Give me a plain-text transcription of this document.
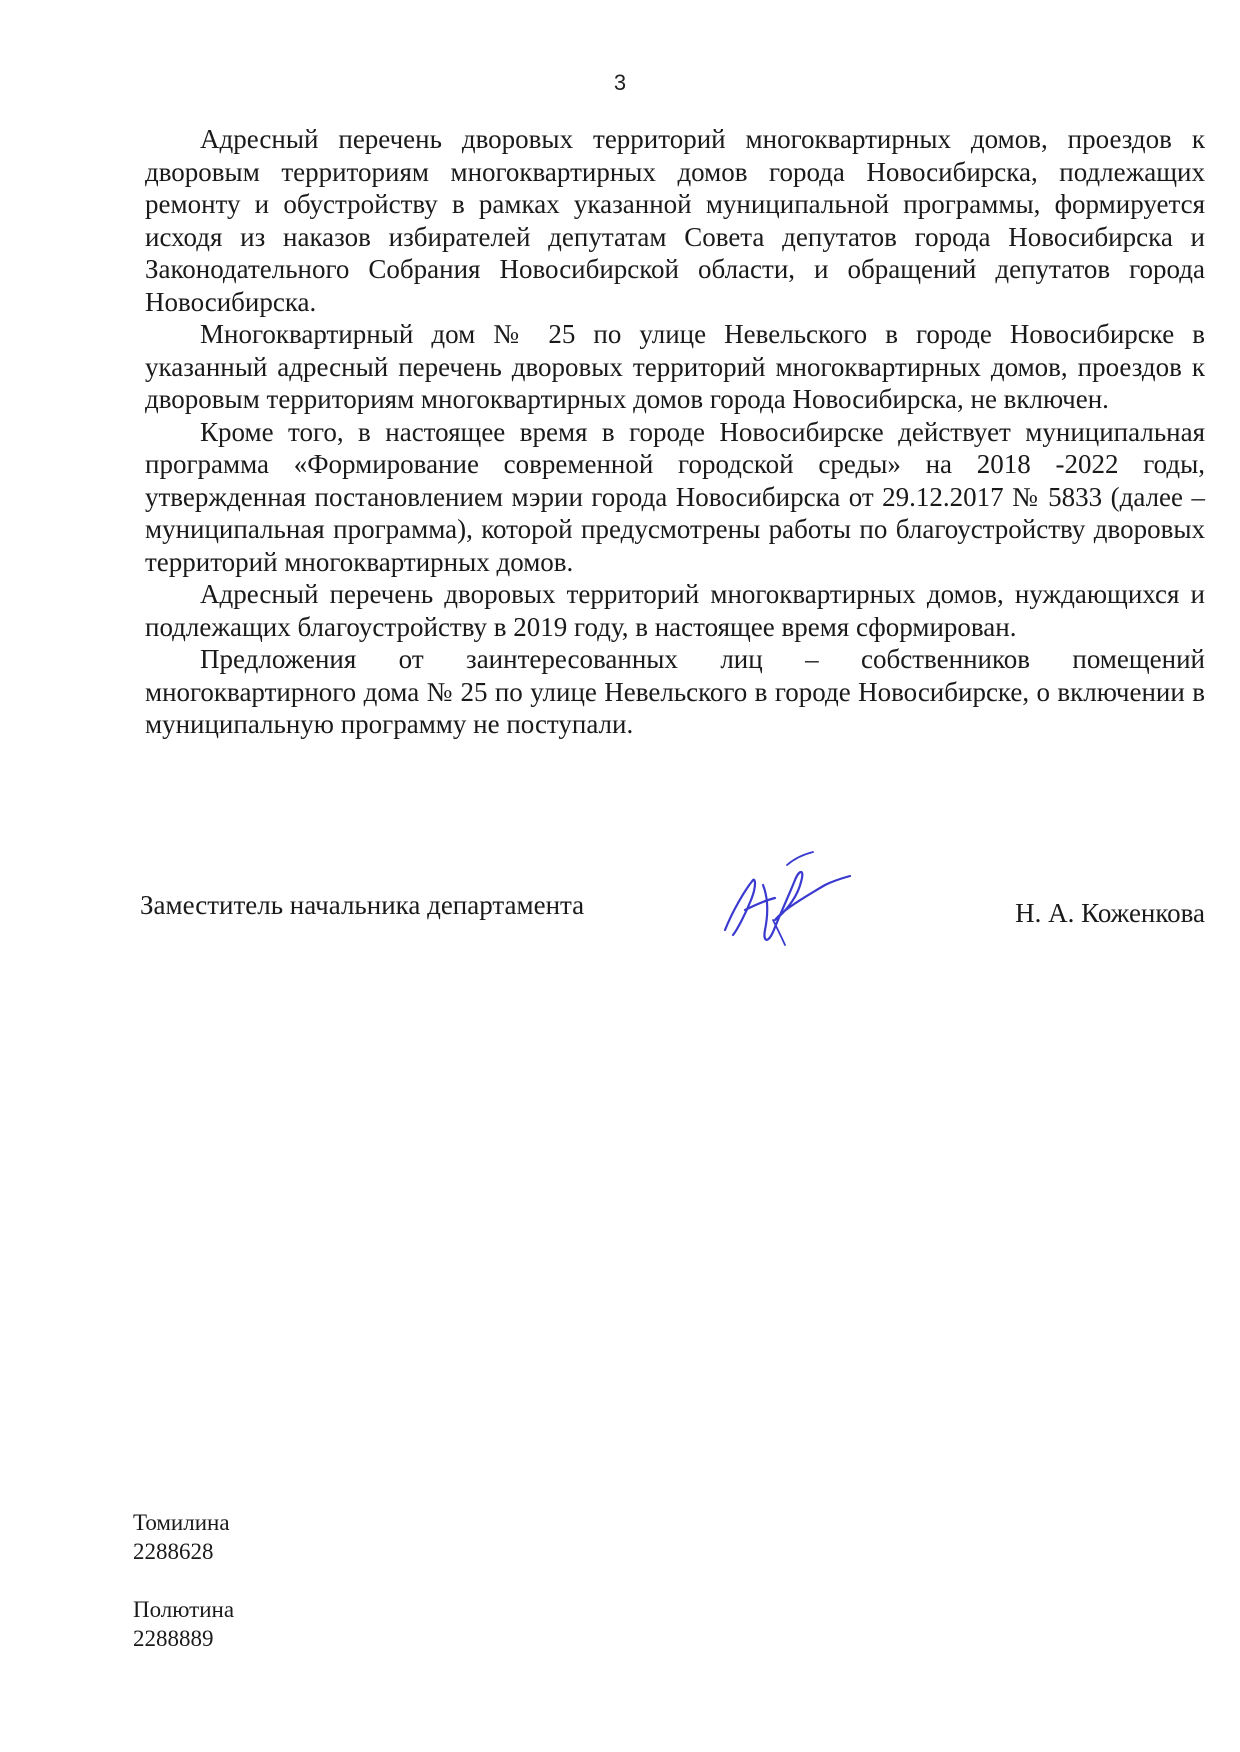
3

Адресный перечень дворовых территорий многоквартирных домов, проездов к дворовым территориям многоквартирных домов города Новосибирска, подлежащих ремонту и обустройству в рамках указанной муниципальной программы, формируется исходя из наказов избирателей депутатам Совета депутатов города Новосибирска и Законодательного Собрания Новосибирской области, и обращений депутатов города Новосибирска.

Многоквартирный дом № 25 по улице Невельского в городе Новосибирске в указанный адресный перечень дворовых территорий многоквартирных домов, проездов к дворовым территориям многоквартирных домов города Новосибирска, не включен.

Кроме того, в настоящее время в городе Новосибирске действует муниципальная программа «Формирование современной городской среды» на 2018 -2022 годы, утвержденная постановлением мэрии города Новосибирска от 29.12.2017 № 5833 (далее – муниципальная программа), которой предусмотрены работы по благоустройству дворовых территорий многоквартирных домов.

Адресный перечень дворовых территорий многоквартирных домов, нуждающихся и подлежащих благоустройству в 2019 году, в настоящее время сформирован.

Предложения от заинтересованных лиц – собственников помещений многоквартирного дома № 25 по улице Невельского в городе Новосибирске, о включении в муниципальную программу не поступали.

Заместитель начальника департамента	Н. А. Коженкова
Томилина
2288628
Полютина
2288889
